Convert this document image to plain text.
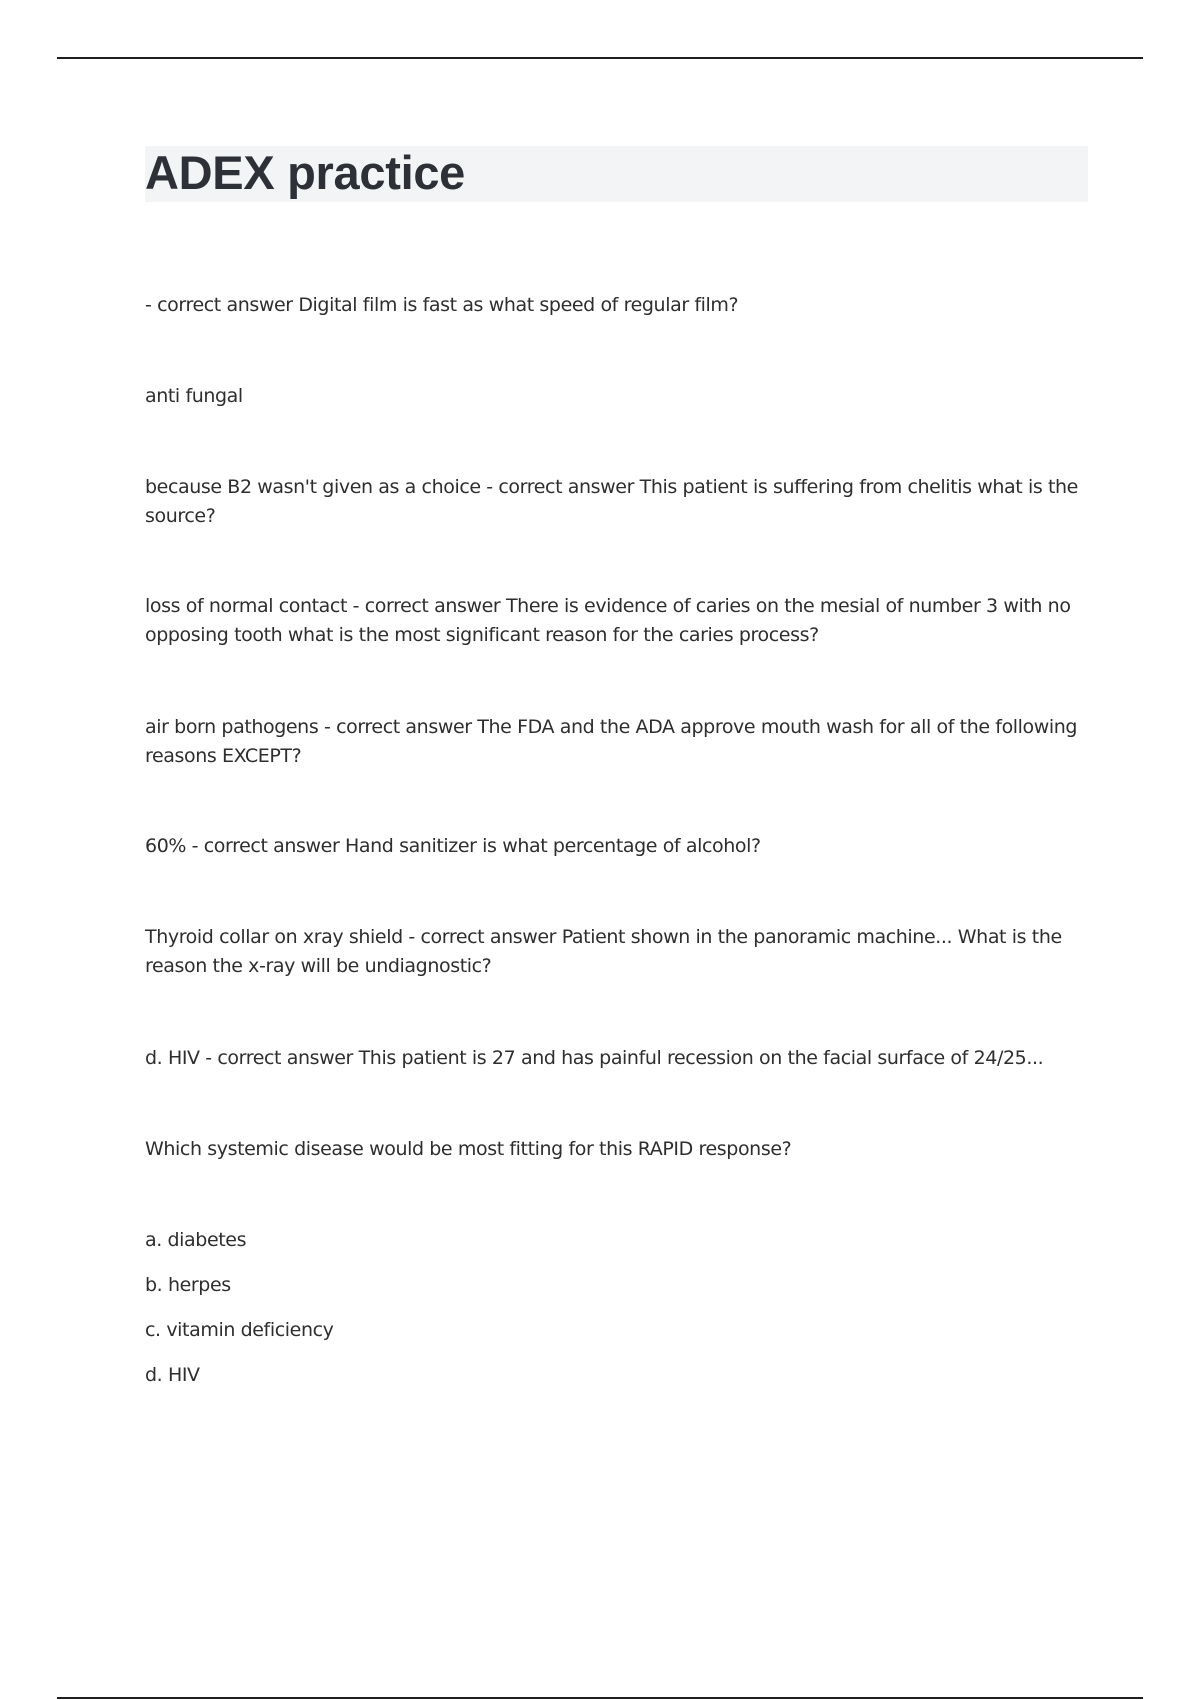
ADEX practice

- correct answer Digital film is fast as what speed of regular film?

anti fungal

because B2 wasn't given as a choice - correct answer This patient is suffering from chelitis what is the source?

loss of normal contact - correct answer There is evidence of caries on the mesial of number 3 with no opposing tooth what is the most significant reason for the caries process?

air born pathogens - correct answer The FDA and the ADA approve mouth wash for all of the following reasons EXCEPT?

60% - correct answer Hand sanitizer is what percentage of alcohol?

Thyroid collar on xray shield - correct answer Patient shown in the panoramic machine... What is the reason the x-ray will be undiagnostic?

d. HIV - correct answer This patient is 27 and has painful recession on the facial surface of 24/25...

Which systemic disease would be most fitting for this RAPID response?

a. diabetes

b. herpes

c. vitamin deficiency

d. HIV
